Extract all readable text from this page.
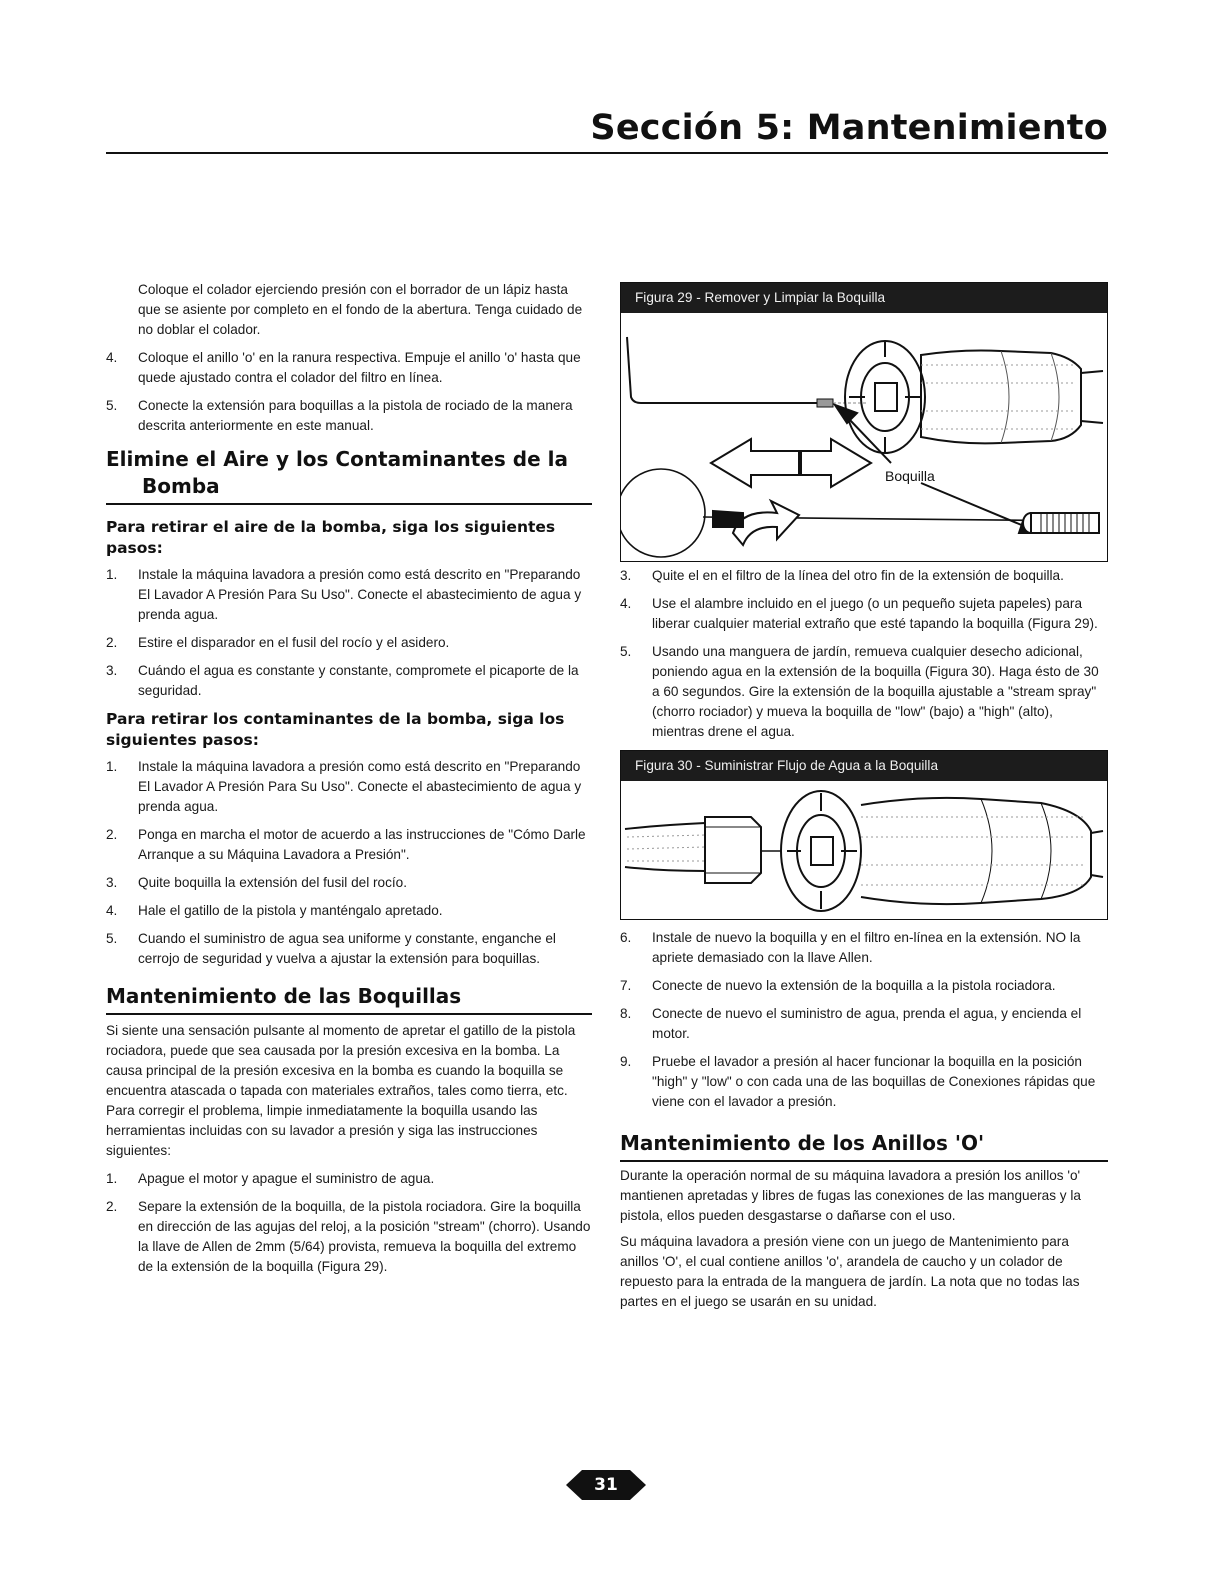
Sección 5: Mantenimiento

Coloque el colador ejerciendo presión con el borrador de un lápiz hasta que se asiente por completo en el fondo de la abertura. Tenga cuidado de no doblar el colador.

4. Coloque el anillo 'o' en la ranura respectiva. Empuje el anillo 'o' hasta que quede ajustado contra el colador del filtro en línea.
5. Conecte la extensión para boquillas a la pistola de rociado de la manera descrita anteriormente en este manual.
Elimine el Aire y los Contaminantes de la
Bomba
Para retirar el aire de la bomba, siga los siguientes pasos:
1. Instale la máquina lavadora a presión como está descrito en "Preparando El Lavador A Presión Para Su Uso". Conecte el abastecimiento de agua y prenda agua.
2. Estire el disparador en el fusil del rocío y el asidero.
3. Cuándo el agua es constante y constante, compromete el picaporte de la seguridad.
Para retirar los contaminantes de la bomba, siga los siguientes pasos:
1. Instale la máquina lavadora a presión como está descrito en "Preparando El Lavador A Presión Para Su Uso". Conecte el abastecimiento de agua y prenda agua.
2. Ponga en marcha el motor de acuerdo a las instrucciones de "Cómo Darle Arranque a su Máquina Lavadora a Presión".
3. Quite boquilla la extensión del fusil del rocío.
4. Hale el gatillo de la pistola y manténgalo apretado.
5. Cuando el suministro de agua sea uniforme y constante, enganche el cerrojo de seguridad y vuelva a ajustar la extensión para boquillas.
Mantenimiento de las Boquillas

Si siente una sensación pulsante al momento de apretar el gatillo de la pistola rociadora, puede que sea causada por la presión excesiva en la bomba. La causa principal de la presión excesiva en la bomba es cuando la boquilla se encuentra atascada o tapada con materiales extraños, tales como tierra, etc. Para corregir el problema, limpie inmediatamente la boquilla usando las herramientas incluidas con su lavador a presión y siga las instrucciones siguientes:

1. Apague el motor y apague el suministro de agua.
2. Separe la extensión de la boquilla, de la pistola rociadora. Gire la boquilla en dirección de las agujas del reloj, a la posición "stream" (chorro). Usando la llave de Allen de 2mm (5/64) provista, remueva la boquilla del extremo de la extensión de la boquilla (Figura 29).
Figura 29 - Remover y Limpiar la Boquilla
Boquilla
3. Quite el en el filtro de la línea del otro fin de la extensión de boquilla.
4. Use el alambre incluido en el juego (o un pequeño sujeta papeles) para liberar cualquier material extraño que esté tapando la boquilla (Figura 29).
5. Usando una manguera de jardín, remueva cualquier desecho adicional, poniendo agua en la extensión de la boquilla (Figura 30). Haga ésto de 30 a 60 segundos. Gire la extensión de la boquilla ajustable a "stream spray" (chorro rociador) y mueva la boquilla de "low" (bajo) a "high" (alto), mientras drene el agua.
Figura 30 - Suministrar Flujo de Agua a la Boquilla
6. Instale de nuevo la boquilla y en el filtro en-línea en la extensión. NO la apriete demasiado con la llave Allen.
7. Conecte de nuevo la extensión de la boquilla a la pistola rociadora.
8. Conecte de nuevo el suministro de agua, prenda el agua, y encienda el motor.
9. Pruebe el lavador a presión al hacer funcionar la boquilla en la posición "high" y "low" o con cada una de las boquillas de Conexiones rápidas que viene con el lavador a presión.
Mantenimiento de los Anillos 'O'

Durante la operación normal de su máquina lavadora a presión los anillos 'o' mantienen apretadas y libres de fugas las conexiones de las mangueras y la pistola, ellos pueden desgastarse o dañarse con el uso.

Su máquina lavadora a presión viene con un juego de Mantenimiento para anillos 'O', el cual contiene anillos 'o', arandela de caucho y un colador de repuesto para la entrada de la manguera de jardín. La nota que no todas las partes en el juego se usarán en su unidad.

31
